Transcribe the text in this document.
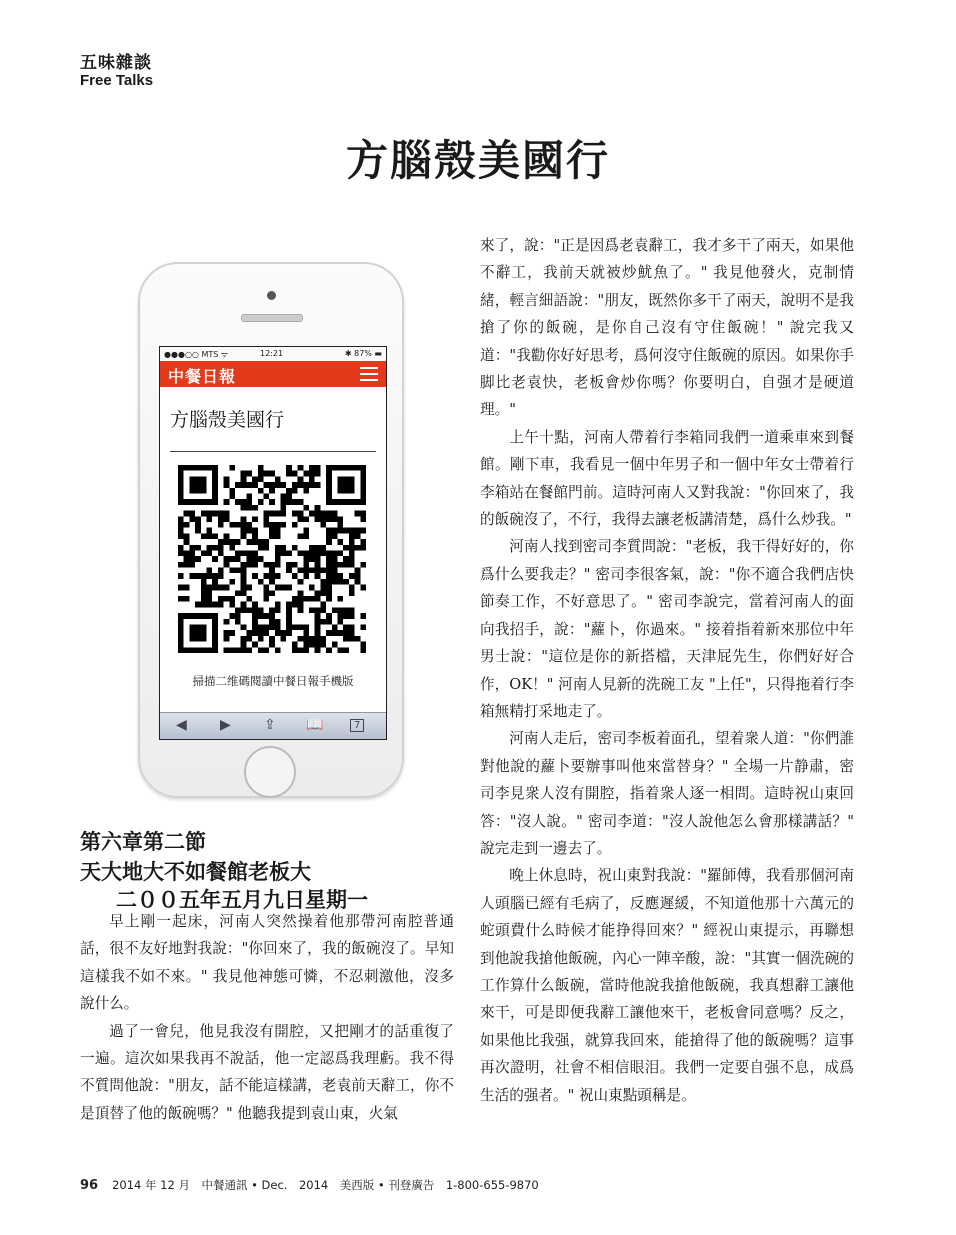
五味雜談
Free Talks
方腦殼美國行
●●●○○ MTS ᯤ	12:21	✱ 87% ▬
中餐日報
方腦殼美國行
掃描二维碼閱讀中餐日報手機版
◀ ▶ ⇪ 📖	7
第六章第二節
天大地大不如餐館老板大
二００五年五月九日星期一

早上剛一起床，河南人突然操着他那帶河南腔普通話，很不友好地對我說："你回來了，我的飯碗沒了。早知這樣我不如不來。" 我見他神態可憐，不忍刺激他，沒多說什么。

過了一會兒，他見我沒有開腔，又把剛才的話重復了一遍。這次如果我再不說話，他一定認爲我理虧。我不得不質問他說："朋友，話不能這樣講，老袁前天辭工，你不是頂替了他的飯碗嗎？" 他聽我提到袁山東，火氣

來了，說："正是因爲老袁辭工，我才多干了兩天，如果他不辭工，我前天就被炒魷魚了。" 我見他發火，克制情緒，輕言細語說："朋友，既然你多干了兩天，說明不是我搶了你的飯碗，是你自己沒有守住飯碗！" 說完我又道："我勸你好好思考，爲何沒守住飯碗的原因。如果你手脚比老袁快，老板會炒你嗎？你要明白，自强才是硬道理。"

上午十點，河南人帶着行李箱同我們一道乘車來到餐館。剛下車，我看見一個中年男子和一個中年女士帶着行李箱站在餐館門前。這時河南人又對我說："你回來了，我的飯碗沒了，不行，我得去讓老板講清楚，爲什么炒我。"

河南人找到密司李質問說："老板，我干得好好的，你爲什么要我走？" 密司李很客氣，說："你不適合我們店快節奏工作，不好意思了。" 密司李說完，當着河南人的面向我招手，說："蘿卜，你過來。" 接着指着新來那位中年男士說："這位是你的新搭檔，天津屁先生，你們好好合作，OK！" 河南人見新的洗碗工友 "上任"，只得拖着行李箱無精打采地走了。

河南人走后，密司李板着面孔，望着衆人道："你們誰對他說的蘿卜要辦事叫他來當替身？" 全場一片静肅，密司李見衆人沒有開腔，指着衆人逐一相問。這時祝山東回答："沒人說。" 密司李道："沒人說他怎么會那樣講話？" 說完走到一邊去了。

晚上休息時，祝山東對我說："羅師傅，我看那個河南人頭腦已經有毛病了，反應遲緩，不知道他那十六萬元的蛇頭費什么時候才能挣得回來？" 經祝山東提示，再聯想到他說我搶他飯碗，內心一陣辛酸，說："其實一個洗碗的工作算什么飯碗，當時他說我搶他飯碗，我真想辭工讓他來干，可是即便我辭工讓他來干，老板會同意嗎？反之，如果他比我强，就算我回來，能搶得了他的飯碗嗎？這事再次證明，社會不相信眼泪。我們一定要自强不息，成爲生活的强者。" 祝山東點頭稱是。

96 2014 年 12 月　中餐通訊 • Dec.　2014　美西版 • 刊登廣告　1-800-655-9870
